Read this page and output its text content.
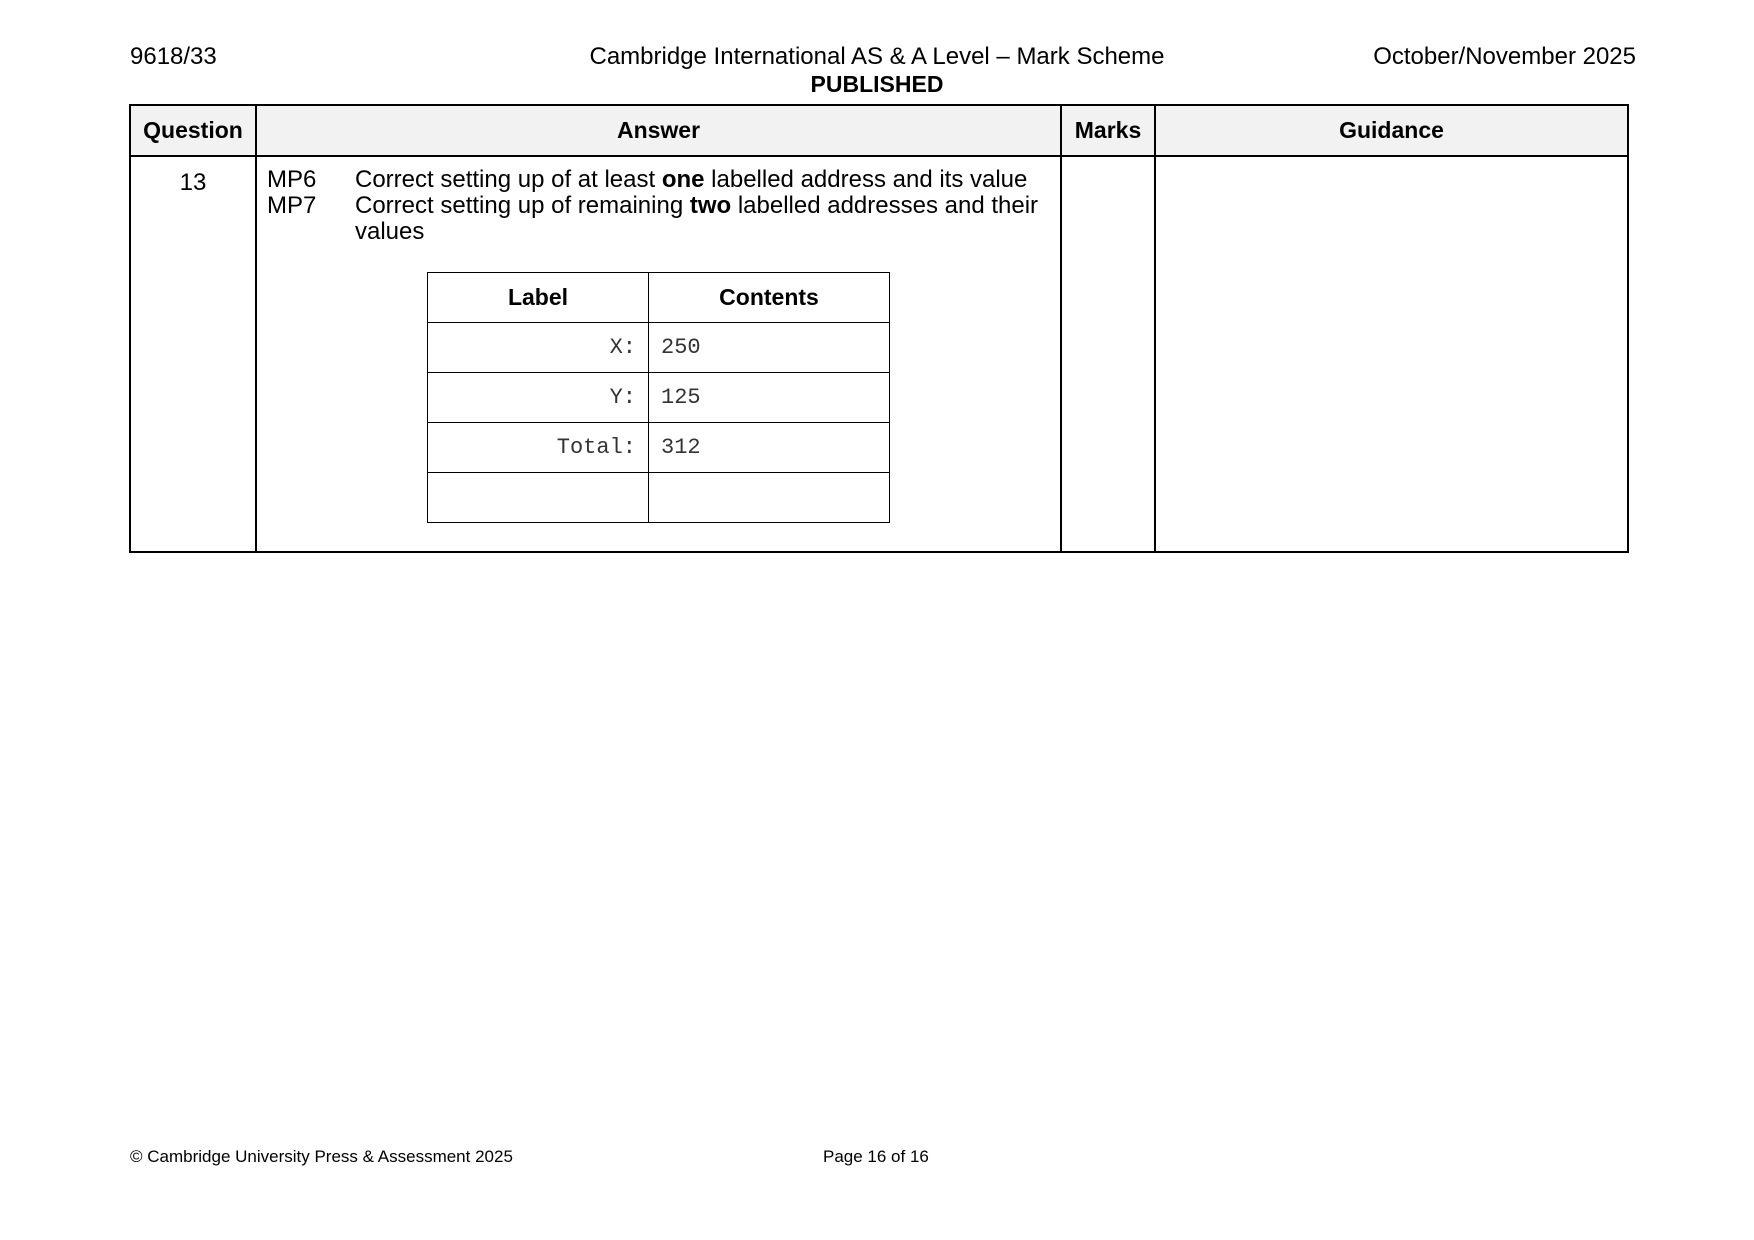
9618/33	Cambridge International AS & A Level – Mark Scheme	October/November 2025
PUBLISHED
Question	Answer	Marks	Guidance
13	MP6	Correct setting up of at least one labelled address and its value
MP7	Correct setting up of remaining two labelled addresses and their values
Label	Contents
X:	250
Y:	125
Total:	312

© Cambridge University Press & Assessment 2025	Page 16 of 16
